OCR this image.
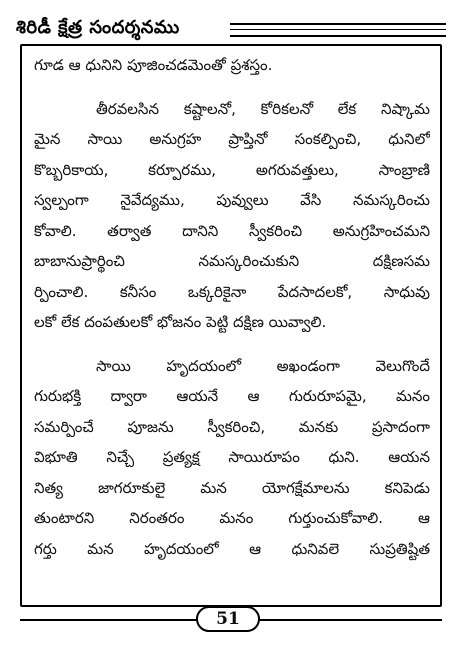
శిరిడీ క్షేత్ర సందర్శనము
గూడ ఆ ధునిని పూజించడమెంతో ప్రశస్తం.
తీరవలసిన కష్టాలనో, కోరికలనో లేక నిష్కామ
మైన సాయి అనుగ్రహ ప్రాప్తినో సంకల్పించి, ధునిలో
కొబ్బరికాయ, కర్పూరము, అగరువత్తులు, సాంబ్రాణి
స్వల్పంగా నైవేద్యము, పువ్వులు వేసి నమస్కరించు
కోవాలి. తర్వాత దానిని స్వీకరించి అనుగ్రహించమని
బాబానుప్రార్థించి నమస్కరించుకుని దక్షిణసమ
ర్పించాలి. కనీసం ఒక్కరికైనా పేదసాదలకో, సాధువు
లకో లేక దంపతులకో భోజనం పెట్టి దక్షిణ యివ్వాలి.
సాయి హృదయంలో అఖండంగా వెలుగొందే
గురుభక్తి ద్వారా ఆయనే ఆ గురురూపమై, మనం
సమర్పించే పూజను స్వీకరించి, మనకు ప్రసాదంగా
విభూతి నిచ్చే ప్రత్యక్ష సాయిరూపం ధుని. ఆయన
నిత్య జాగరూకులై మన యోగక్షేమాలను కనిపెడు
తుంటారని నిరంతరం మనం గుర్తుంచుకోవాలి. ఆ
గర్తు మన హృదయంలో ఆ ధునివలె సుప్రతిష్టిత
51
